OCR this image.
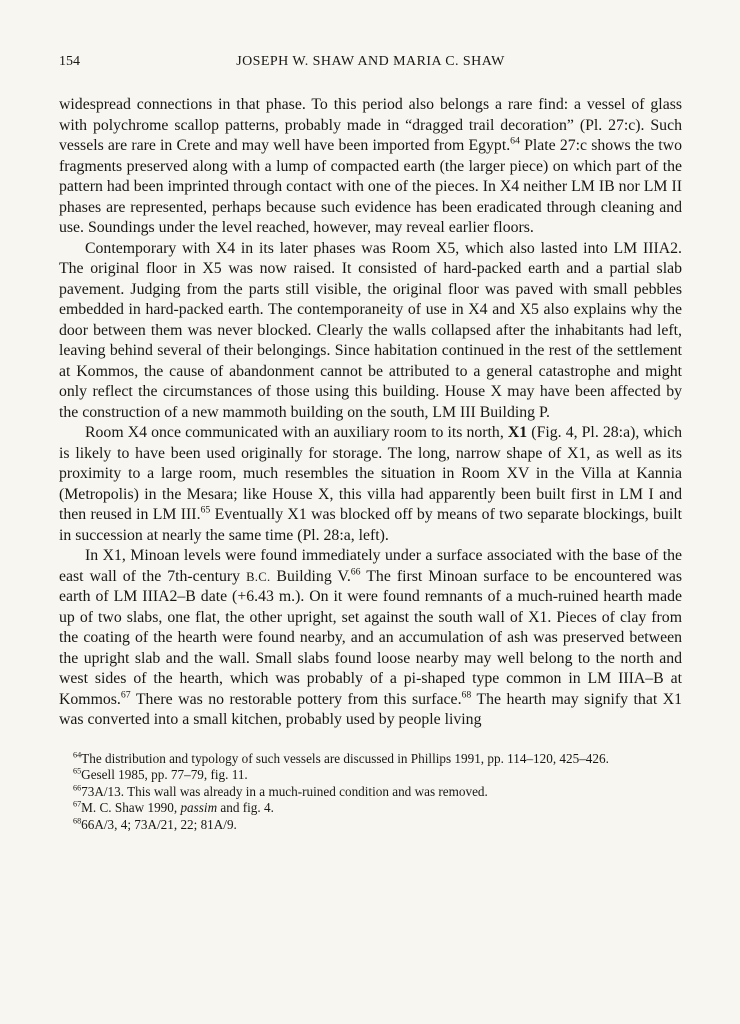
154	JOSEPH W. SHAW AND MARIA C. SHAW

widespread connections in that phase. To this period also belongs a rare find: a vessel of glass with polychrome scallop patterns, probably made in “dragged trail decoration” (Pl. 27:c). Such vessels are rare in Crete and may well have been imported from Egypt.$^{64}$ Plate 27:c shows the two fragments preserved along with a lump of compacted earth (the larger piece) on which part of the pattern had been imprinted through contact with one of the pieces. In X4 neither LM IB nor LM II phases are represented, perhaps because such evidence has been eradicated through cleaning and use. Soundings under the level reached, however, may reveal earlier floors.

Contemporary with X4 in its later phases was Room X5, which also lasted into LM IIIA2. The original floor in X5 was now raised. It consisted of hard-packed earth and a partial slab pavement. Judging from the parts still visible, the original floor was paved with small pebbles embedded in hard-packed earth. The contemporaneity of use in X4 and X5 also explains why the door between them was never blocked. Clearly the walls collapsed after the inhabitants had left, leaving behind several of their belongings. Since habitation continued in the rest of the settlement at Kommos, the cause of abandonment cannot be attributed to a general catastrophe and might only reflect the circumstances of those using this building. House X may have been affected by the construction of a new mammoth building on the south, LM III Building P.

Room X4 once communicated with an auxiliary room to its north, X1 (Fig. 4, Pl. 28:a), which is likely to have been used originally for storage. The long, narrow shape of X1, as well as its proximity to a large room, much resembles the situation in Room XV in the Villa at Kannia (Metropolis) in the Mesara; like House X, this villa had apparently been built first in LM I and then reused in LM III.$^{65}$ Eventually X1 was blocked off by means of two separate blockings, built in succession at nearly the same time (Pl. 28:a, left).

In X1, Minoan levels were found immediately under a surface associated with the base of the east wall of the 7th-century B.C. Building V.$^{66}$ The first Minoan surface to be encountered was earth of LM IIIA2–B date (+6.43 m.). On it were found remnants of a much-ruined hearth made up of two slabs, one flat, the other upright, set against the south wall of X1. Pieces of clay from the coating of the hearth were found nearby, and an accumulation of ash was preserved between the upright slab and the wall. Small slabs found loose nearby may well belong to the north and west sides of the hearth, which was probably of a pi-shaped type common in LM IIIA–B at Kommos.$^{67}$ There was no restorable pottery from this surface.$^{68}$ The hearth may signify that X1 was converted into a small kitchen, probably used by people living

$^{64}$The distribution and typology of such vessels are discussed in Phillips 1991, pp. 114–120, 425–426.

$^{65}$Gesell 1985, pp. 77–79, fig. 11.

$^{66}$73A/13. This wall was already in a much-ruined condition and was removed.

$^{67}$M. C. Shaw 1990, passim and fig. 4.

$^{68}$66A/3, 4; 73A/21, 22; 81A/9.
